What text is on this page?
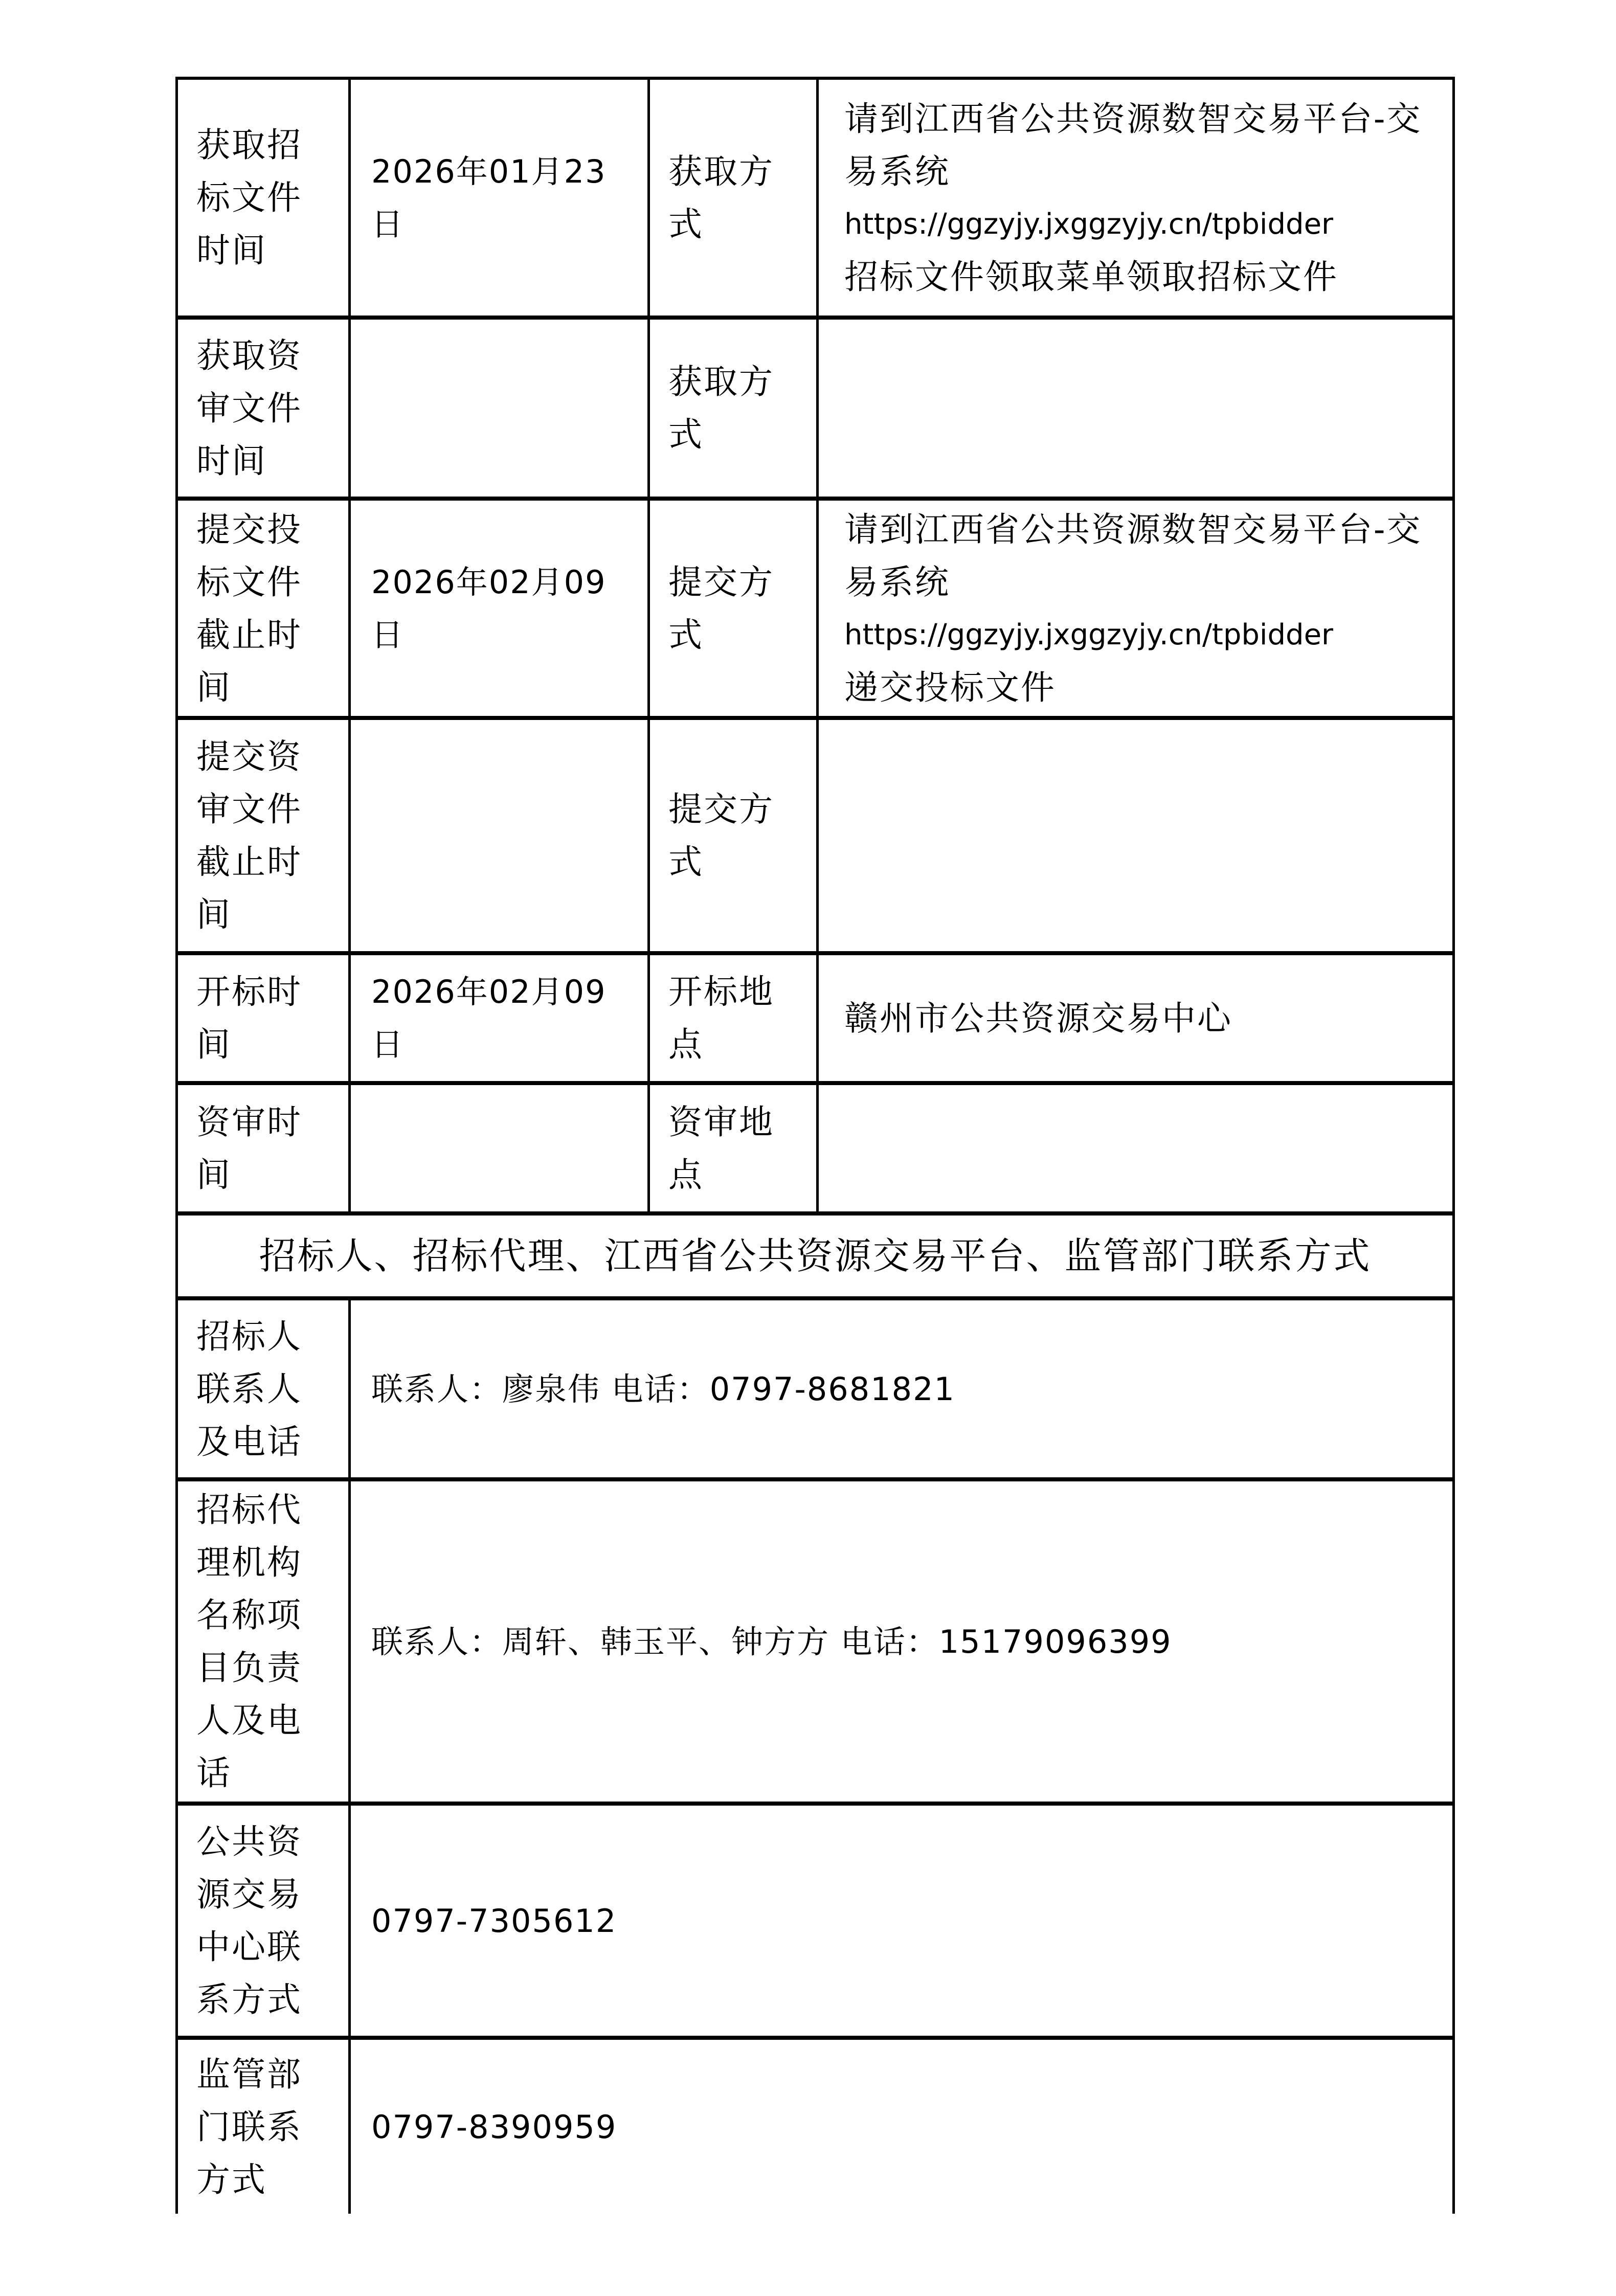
获取招标文件时间	2026年01月23日	获取方式	请到江西省公共资源数智交易平台-交易系统
https://ggzyjy.jxggzyjy.cn/tpbidder
招标文件领取菜单领取招标文件

获取资审文件时间		获取方式	

提交投标文件截止时间	2026年02月09日	提交方式	请到江西省公共资源数智交易平台-交易系统
https://ggzyjy.jxggzyjy.cn/tpbidder
递交投标文件

提交资审文件截止时间		提交方式	

开标时间	2026年02月09日	开标地点	赣州市公共资源交易中心

资审时间		资审地点	

招标人、招标代理、江西省公共资源交易平台、监管部门联系方式			
招标人联系人及电话	联系人：廖泉伟 电话：0797-8681821		
招标代理机构名称项目负责人及电话	联系人：周轩、韩玉平、钟方方 电话：15179096399		
公共资源交易中心联系方式	0797-7305612		
监管部门联系方式	0797-8390959		
